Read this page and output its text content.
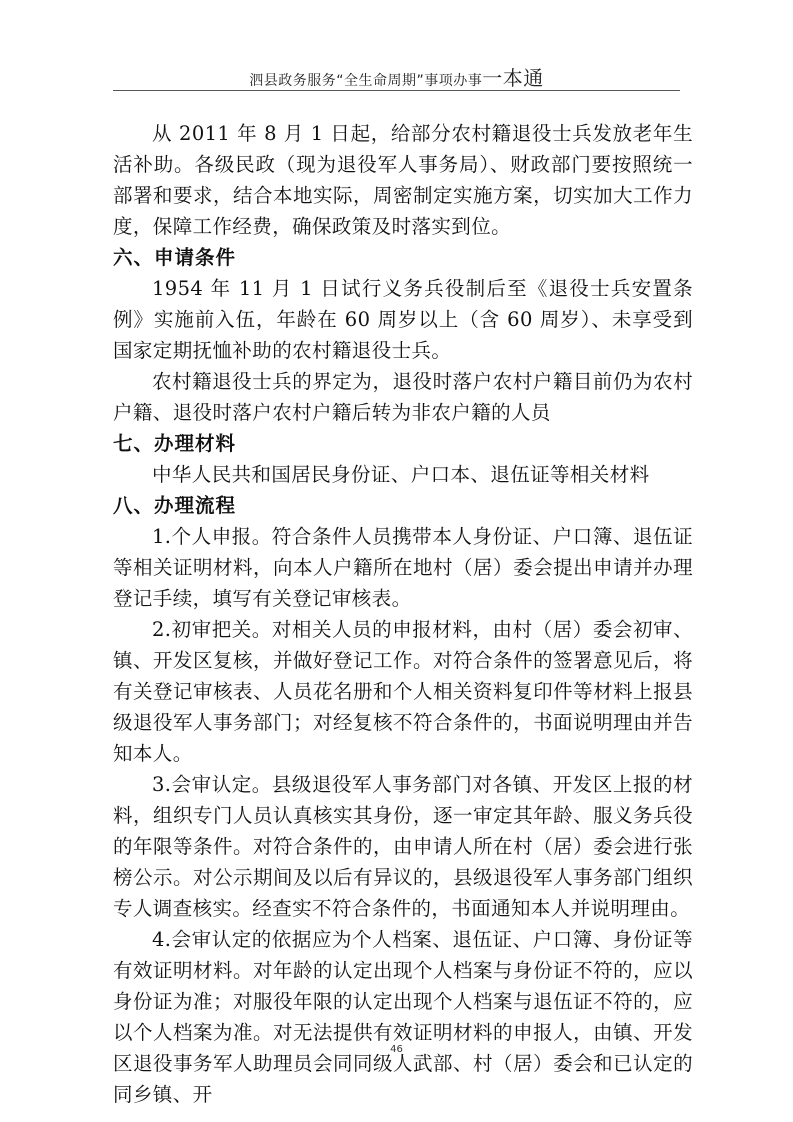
泗县政务服务“全生命周期”事项办事一本通

从 2011 年 8 月 1 日起，给部分农村籍退役士兵发放老年生活补助。各级民政（现为退役军人事务局）、财政部门要按照统一部署和要求，结合本地实际，周密制定实施方案，切实加大工作力度，保障工作经费，确保政策及时落实到位。

六、申请条件

1954 年 11 月 1 日试行义务兵役制后至《退役士兵安置条例》实施前入伍，年龄在 60 周岁以上（含 60 周岁）、未享受到国家定期抚恤补助的农村籍退役士兵。

农村籍退役士兵的界定为，退役时落户农村户籍目前仍为农村户籍、退役时落户农村户籍后转为非农户籍的人员

七、办理材料

中华人民共和国居民身份证、户口本、退伍证等相关材料

八、办理流程

1.个人申报。符合条件人员携带本人身份证、户口簿、退伍证等相关证明材料，向本人户籍所在地村（居）委会提出申请并办理登记手续，填写有关登记审核表。

2.初审把关。对相关人员的申报材料，由村（居）委会初审、镇、开发区复核，并做好登记工作。对符合条件的签署意见后，将有关登记审核表、人员花名册和个人相关资料复印件等材料上报县级退役军人事务部门；对经复核不符合条件的，书面说明理由并告知本人。

3.会审认定。县级退役军人事务部门对各镇、开发区上报的材料，组织专门人员认真核实其身份，逐一审定其年龄、服义务兵役的年限等条件。对符合条件的，由申请人所在村（居）委会进行张榜公示。对公示期间及以后有异议的，县级退役军人事务部门组织专人调查核实。经查实不符合条件的，书面通知本人并说明理由。

4.会审认定的依据应为个人档案、退伍证、户口簿、身份证等有效证明材料。对年龄的认定出现个人档案与身份证不符的，应以身份证为准；对服役年限的认定出现个人档案与退伍证不符的，应以个人档案为准。对无法提供有效证明材料的申报人，由镇、开发区退役事务军人助理员会同同级人武部、村（居）委会和已认定的同乡镇、开

46
